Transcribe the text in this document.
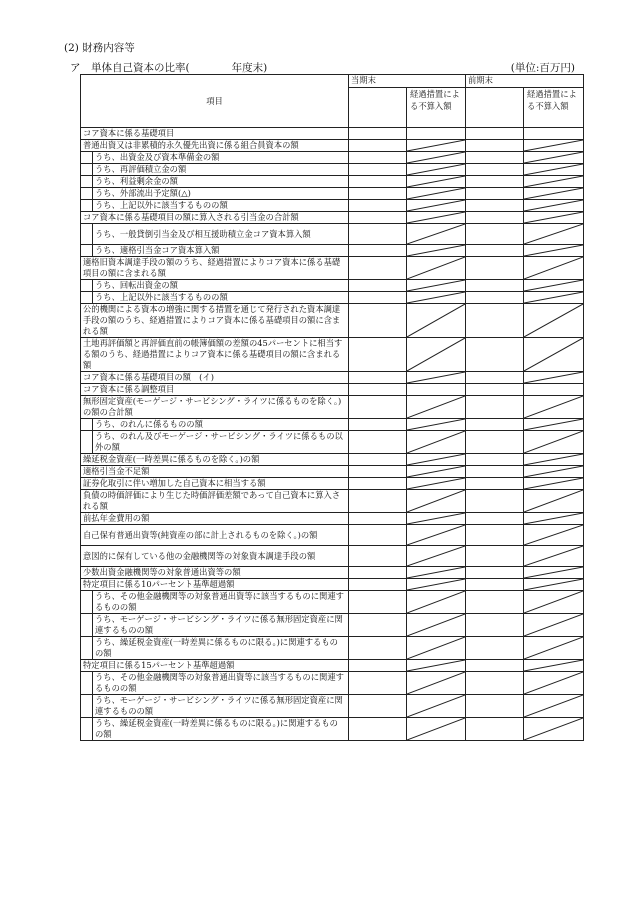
(2) 財務内容等
ア　単体自己資本の比率(　　　　年度末)	(単位:百万円)
項目		当期末		前期末	
			経過措置による不算入額		経過措置による不算入額
コア資本に係る基礎項目					
普通出資又は非累積的永久優先出資に係る組合員資本の額		

	うち、出資金及び資本準備金の額		

	うち、再評価積立金の額		

	うち、利益剰余金の額		

	うち、外部流出予定額(△)		

	うち、上記以外に該当するものの額		

コア資本に係る基礎項目の額に算入される引当金の合計額		

	うち、一般貸倒引当金及び相互援助積立金コア資本算入額		

	うち、適格引当金コア資本算入額		

適格旧資本調達手段の額のうち、経過措置によりコア資本に係る基礎項目の額に含まれる額		

	うち、回転出資金の額		

	うち、上記以外に該当するものの額		

公的機関による資本の増強に関する措置を通じて発行された資本調達手段の額のうち、経過措置によりコア資本に係る基礎項目の額に含まれる額		

土地再評価額と再評価直前の帳簿価額の差額の45パーセントに相当する額のうち、経過措置によりコア資本に係る基礎項目の額に含まれる額		

コア資本に係る基礎項目の額　(イ)		

コア資本に係る調整項目					
無形固定資産(モーゲージ・サービシング・ライツに係るものを除く。)の額の合計額		

	うち、のれんに係るものの額		

	うち、のれん及びモーゲージ・サービシング・ライツに係るもの以外の額		

繰延税金資産(一時差異に係るものを除く。)の額		

適格引当金不足額		

証券化取引に伴い増加した自己資本に相当する額		

負債の時価評価により生じた時価評価差額であって自己資本に算入される額		

前払年金費用の額		

自己保有普通出資等(純資産の部に計上されるものを除く。)の額		

意図的に保有している他の金融機関等の対象資本調達手段の額		

少数出資金融機関等の対象普通出資等の額		

特定項目に係る10パーセント基準超過額		

	うち、その他金融機関等の対象普通出資等に該当するものに関連するものの額		

	うち、モーゲージ・サービシング・ライツに係る無形固定資産に関連するものの額		

	うち、繰延税金資産(一時差異に係るものに限る。)に関連するものの額		

特定項目に係る15パーセント基準超過額		

	うち、その他金融機関等の対象普通出資等に該当するものに関連するものの額		

	うち、モーゲージ・サービシング・ライツに係る無形固定資産に関連するものの額		

	うち、繰延税金資産(一時差異に係るものに限る。)に関連するものの額		
